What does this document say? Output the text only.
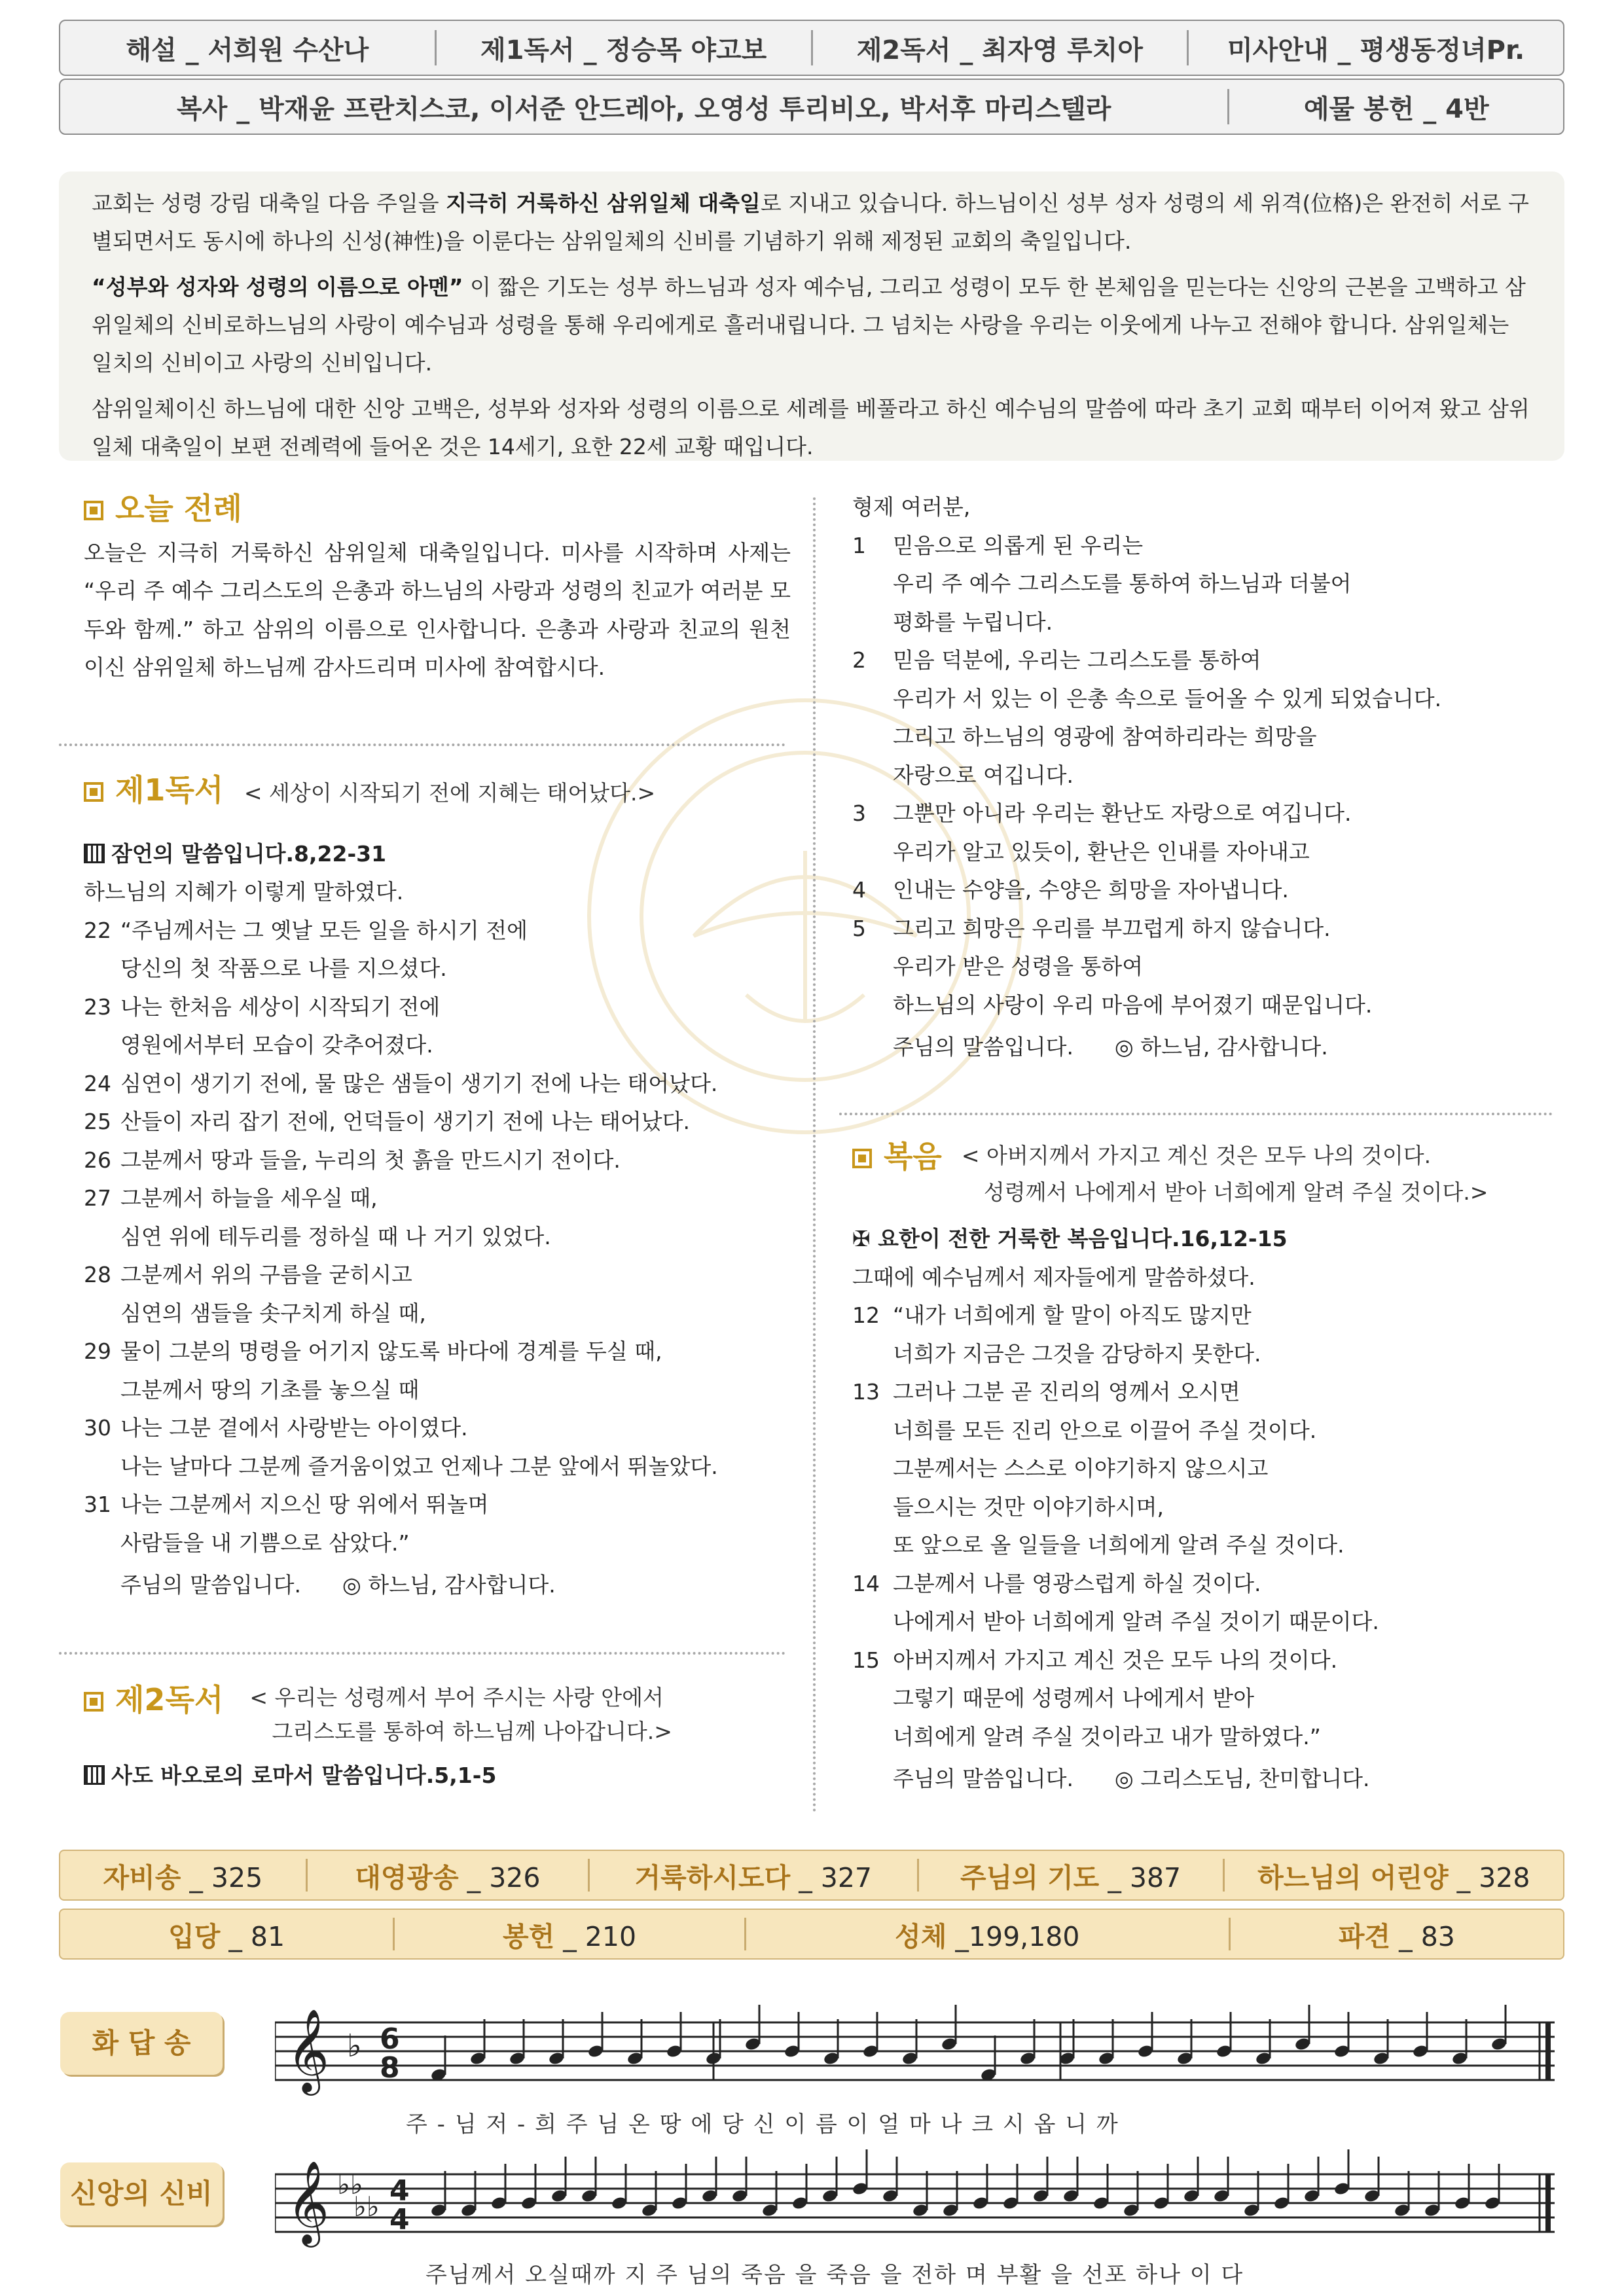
해설 _ 서희원 수산나	제1독서 _ 정승목 야고보	제2독서 _ 최자영 루치아	미사안내 _ 평생동정녀Pr.
복사 _ 박재윤 프란치스코, 이서준 안드레아, 오영성 투리비오, 박서후 마리스텔라	예물 봉헌 _ 4반

교회는 성령 강림 대축일 다음 주일을 지극히 거룩하신 삼위일체 대축일로 지내고 있습니다. 하느님이신 성부 성자 성령의 세 위격(位格)은 완전히 서로 구별되면서도 동시에 하나의 신성(神性)을 이룬다는 삼위일체의 신비를 기념하기 위해 제정된 교회의 축일입니다.

“성부와 성자와 성령의 이름으로 아멘” 이 짧은 기도는 성부 하느님과 성자 예수님, 그리고 성령이 모두 한 본체임을 믿는다는 신앙의 근본을 고백하고 삼위일체의 신비로하느님의 사랑이 예수님과 성령을 통해 우리에게로 흘러내립니다. 그 넘치는 사랑을 우리는 이웃에게 나누고 전해야 합니다. 삼위일체는 일치의 신비이고 사랑의 신비입니다.

삼위일체이신 하느님에 대한 신앙 고백은, 성부와 성자와 성령의 이름으로 세례를 베풀라고 하신 예수님의 말씀에 따라 초기 교회 때부터 이어져 왔고 삼위일체 대축일이 보편 전례력에 들어온 것은 14세기, 요한 22세 교황 때입니다.

오늘 전례
오늘은 지극히 거룩하신 삼위일체 대축일입니다. 미사를 시작하며 사제는 “우리 주 예수 그리스도의 은총과 하느님의 사랑과 성령의 친교가 여러분 모두와 함께.” 하고 삼위의 이름으로 인사합니다. 은총과 사랑과 친교의 원천이신 삼위일체 하느님께 감사드리며 미사에 참여합시다.
제1독서 < 세상이 시작되기 전에 지혜는 태어났다.>
잠언의 말씀입니다.8,22-31
하느님의 지혜가 이렇게 말하였다.
22 “주님께서는 그 옛날 모든 일을 하시기 전에
당신의 첫 작품으로 나를 지으셨다.
23 나는 한처음 세상이 시작되기 전에
영원에서부터 모습이 갖추어졌다.
24 심연이 생기기 전에, 물 많은 샘들이 생기기 전에 나는 태어났다.
25 산들이 자리 잡기 전에, 언덕들이 생기기 전에 나는 태어났다.
26 그분께서 땅과 들을, 누리의 첫 흙을 만드시기 전이다.
27 그분께서 하늘을 세우실 때,
심연 위에 테두리를 정하실 때 나 거기 있었다.
28 그분께서 위의 구름을 굳히시고
심연의 샘들을 솟구치게 하실 때,
29 물이 그분의 명령을 어기지 않도록 바다에 경계를 두실 때,
그분께서 땅의 기초를 놓으실 때
30 나는 그분 곁에서 사랑받는 아이였다.
나는 날마다 그분께 즐거움이었고 언제나 그분 앞에서 뛰놀았다.
31 나는 그분께서 지으신 땅 위에서 뛰놀며
사람들을 내 기쁨으로 삼았다.”
주님의 말씀입니다. ◎ 하느님, 감사합니다.
제2독서 < 우리는 성령께서 부어 주시는 사랑 안에서
그리스도를 통하여 하느님께 나아갑니다.>
사도 바오로의 로마서 말씀입니다.5,1-5
형제 여러분,
1	믿음으로 의롭게 된 우리는
우리 주 예수 그리스도를 통하여 하느님과 더불어
평화를 누립니다.
2	믿음 덕분에, 우리는 그리스도를 통하여
우리가 서 있는 이 은총 속으로 들어올 수 있게 되었습니다.
그리고 하느님의 영광에 참여하리라는 희망을
자랑으로 여깁니다.
3	그뿐만 아니라 우리는 환난도 자랑으로 여깁니다.
우리가 알고 있듯이, 환난은 인내를 자아내고
4	인내는 수양을, 수양은 희망을 자아냅니다.
5	그리고 희망은 우리를 부끄럽게 하지 않습니다.
우리가 받은 성령을 통하여
하느님의 사랑이 우리 마음에 부어졌기 때문입니다.
주님의 말씀입니다. ◎ 하느님, 감사합니다.
복음 < 아버지께서 가지고 계신 것은 모두 나의 것이다.
성령께서 나에게서 받아 너희에게 알려 주실 것이다.>
✠ 요한이 전한 거룩한 복음입니다.16,12-15
그때에 예수님께서 제자들에게 말씀하셨다.
12 “내가 너희에게 할 말이 아직도 많지만
너희가 지금은 그것을 감당하지 못한다.
13 그러나 그분 곧 진리의 영께서 오시면
너희를 모든 진리 안으로 이끌어 주실 것이다.
그분께서는 스스로 이야기하지 않으시고
들으시는 것만 이야기하시며,
또 앞으로 올 일들을 너희에게 알려 주실 것이다.
14 그분께서 나를 영광스럽게 하실 것이다.
나에게서 받아 너희에게 알려 주실 것이기 때문이다.
15 아버지께서 가지고 계신 것은 모두 나의 것이다.
그렇기 때문에 성령께서 나에게서 받아
너희에게 알려 주실 것이라고 내가 말하였다.”
주님의 말씀입니다. ◎ 그리스도님, 찬미합니다.
자비송 _ 325	대영광송 _ 326	거룩하시도다 _ 327	주님의 기도 _ 387	하느님의 어린양 _ 328
입당 _ 81	봉헌 _ 210	성체 _199,180	파견 _ 83
화 답 송	𝄞 ♭ 6
8
주 - 님 저 - 희 주 님 온 땅 에 당 신 이 름 이 얼 마 나 크 시 옵 니 까
신앙의 신비 𝄞 ♭♭
♭♭ 4
4
주님께서 오실때까 지 주 님의 죽음 을 죽음 을 전하 며 부활 을 선포 하나 이 다
